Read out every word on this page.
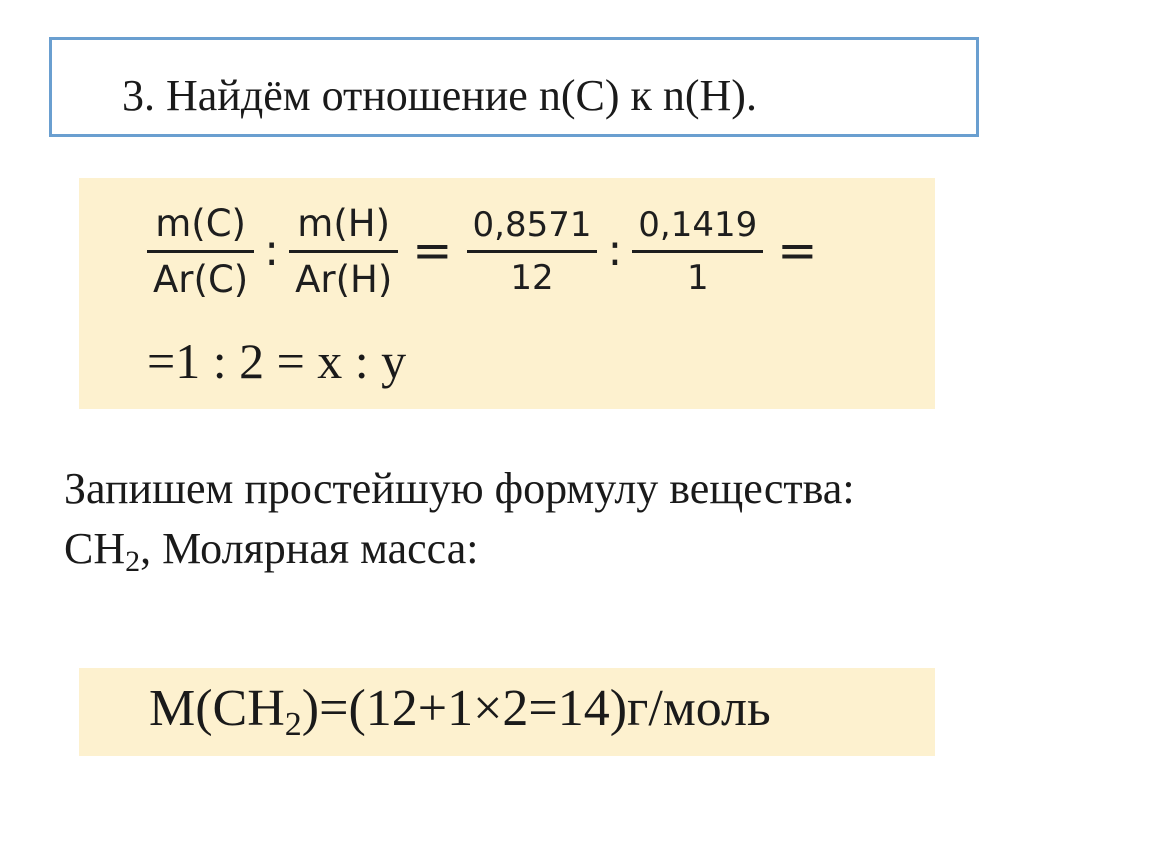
3. Найдём отношение n(C) к n(H).
$\frac{m(C)}{Ar(C)}$ : $\frac{m(H)}{Ar(H)} = \frac{0,8571}{12}$ : $\frac{0,1419}{1}$ =
=1 : 2 = x : y
Запишем простейшую формулу вещества:
$CH_2$, Молярная масса:
$M(CH_2)=(12+1\times 2=14)г$/моль
